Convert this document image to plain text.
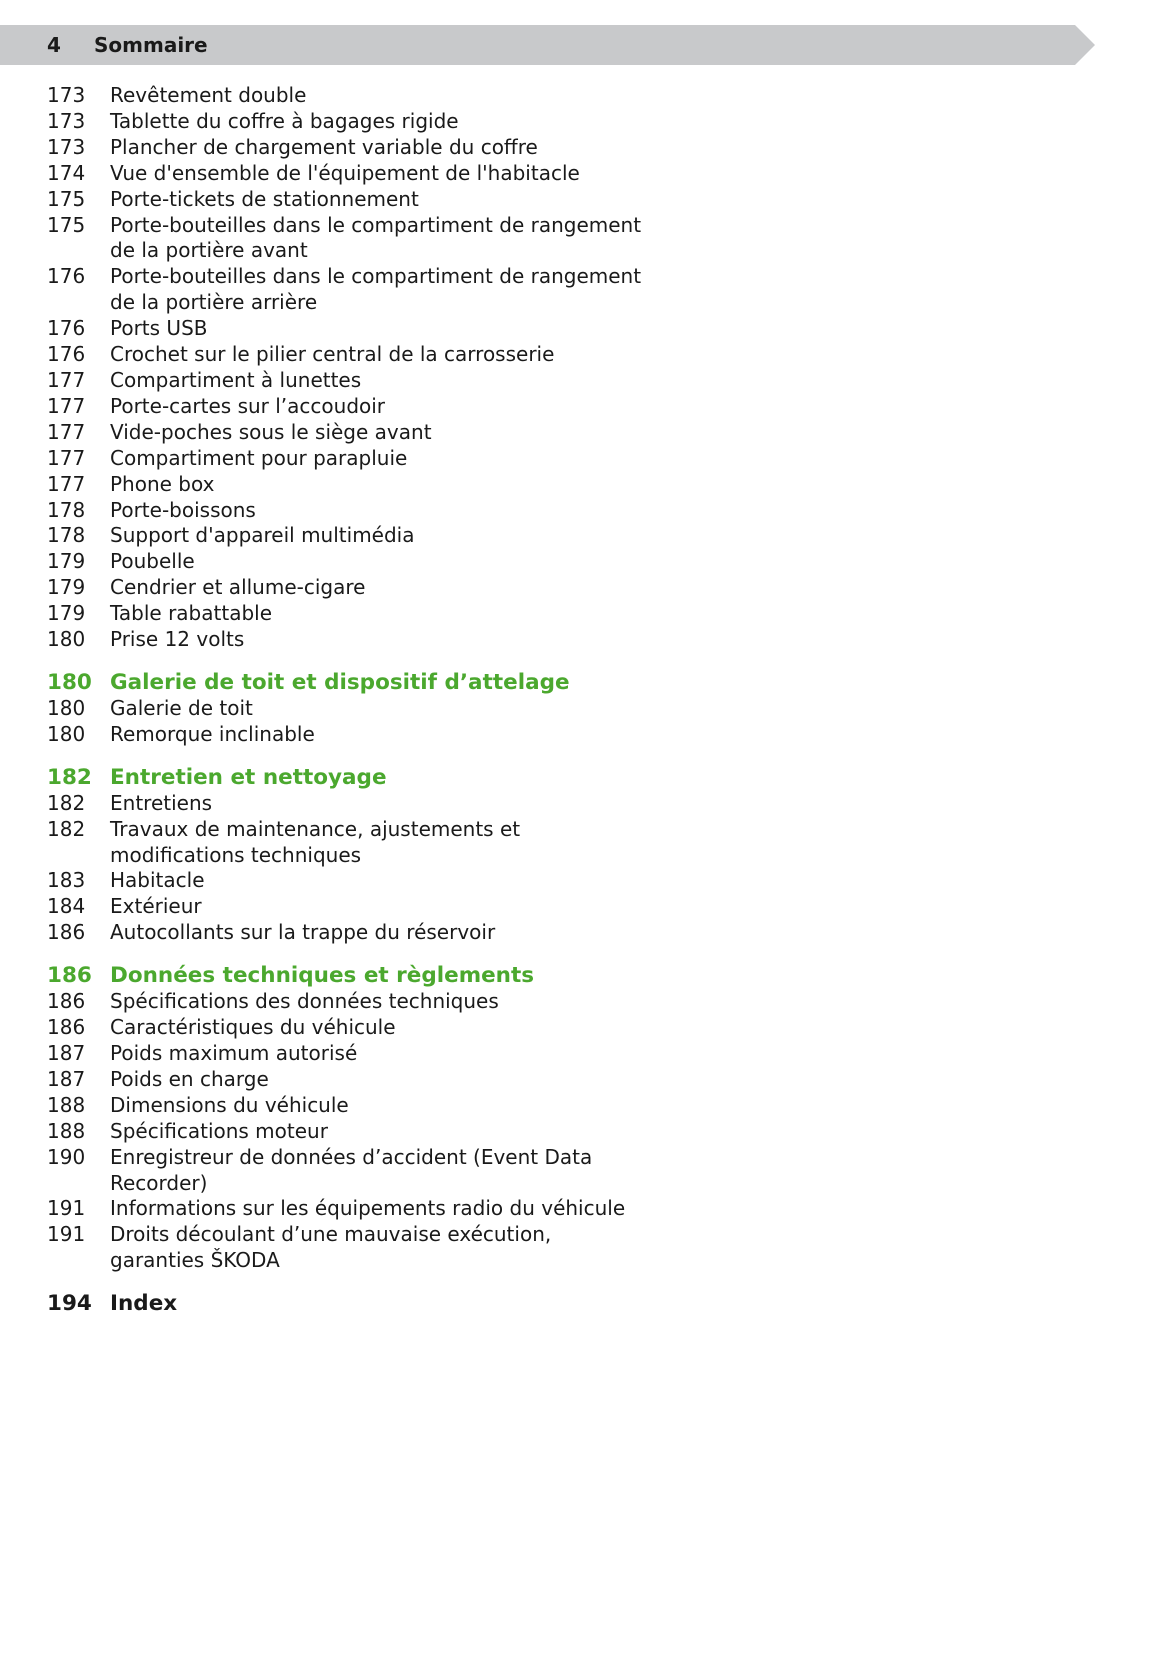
4 Sommaire
173	Revêtement double
173	Tablette du coffre à bagages rigide
173	Plancher de chargement variable du coffre
174	Vue d'ensemble de l'équipement de l'habitacle
175	Porte-tickets de stationnement
175	Porte-bouteilles dans le compartiment de rangement de la portière avant
176	Porte-bouteilles dans le compartiment de rangement de la portière arrière
176	Ports USB
176	Crochet sur le pilier central de la carrosserie
177	Compartiment à lunettes
177	Porte-cartes sur l’accoudoir
177	Vide-poches sous le siège avant
177	Compartiment pour parapluie
177	Phone box
178	Porte-boissons
178	Support d'appareil multimédia
179	Poubelle
179	Cendrier et allume-cigare
179	Table rabattable
180	Prise 12 volts
180 Galerie de toit et dispositif d’attelage
180	Galerie de toit
180	Remorque inclinable
182 Entretien et nettoyage
182	Entretiens
182	Travaux de maintenance, ajustements et modifications techniques
183	Habitacle
184	Extérieur
186	Autocollants sur la trappe du réservoir
186 Données techniques et règlements
186	Spécifications des données techniques
186	Caractéristiques du véhicule
187	Poids maximum autorisé
187	Poids en charge
188	Dimensions du véhicule
188	Spécifications moteur
190	Enregistreur de données d’accident (Event Data Recorder)
191	Informations sur les équipements radio du véhicule
191	Droits découlant d’une mauvaise exécution, garanties ŠKODA
194 Index
